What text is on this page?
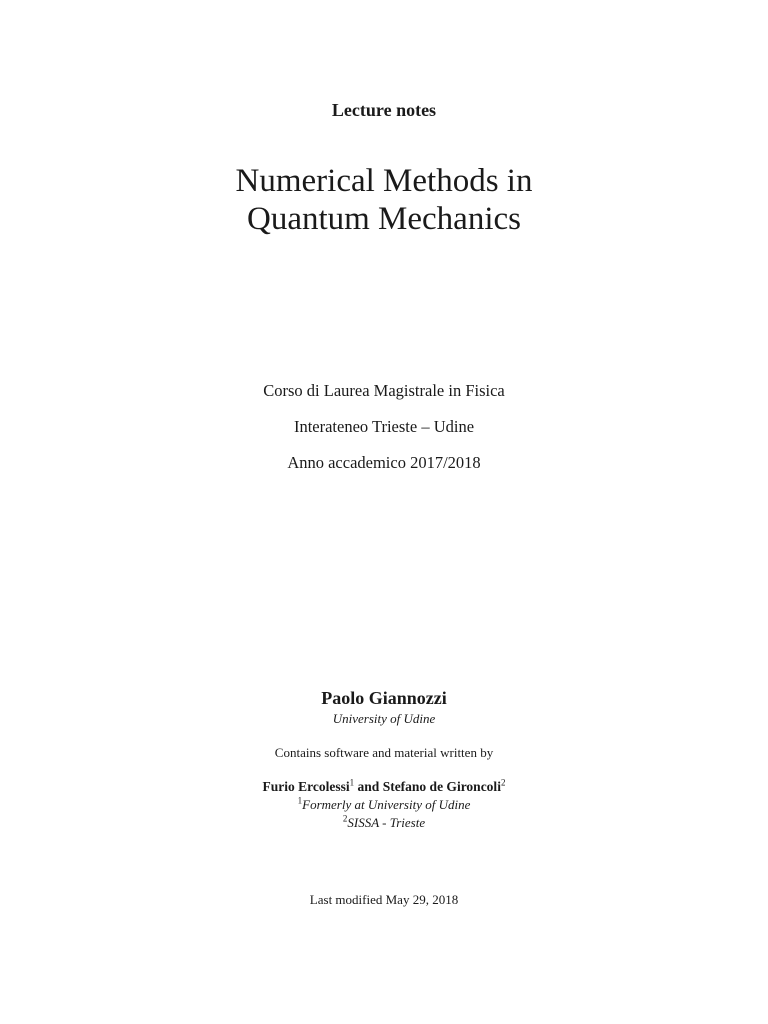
Lecture notes
Numerical Methods in
Quantum Mechanics
Corso di Laurea Magistrale in Fisica
Interateneo Trieste – Udine
Anno accademico 2017/2018
Paolo Giannozzi
University of Udine
Contains software and material written by
Furio Ercolessi$^1$ and Stefano de Gironcoli$^2$
$^1$Formerly at University of Udine
$^2$SISSA - Trieste
Last modified May 29, 2018
